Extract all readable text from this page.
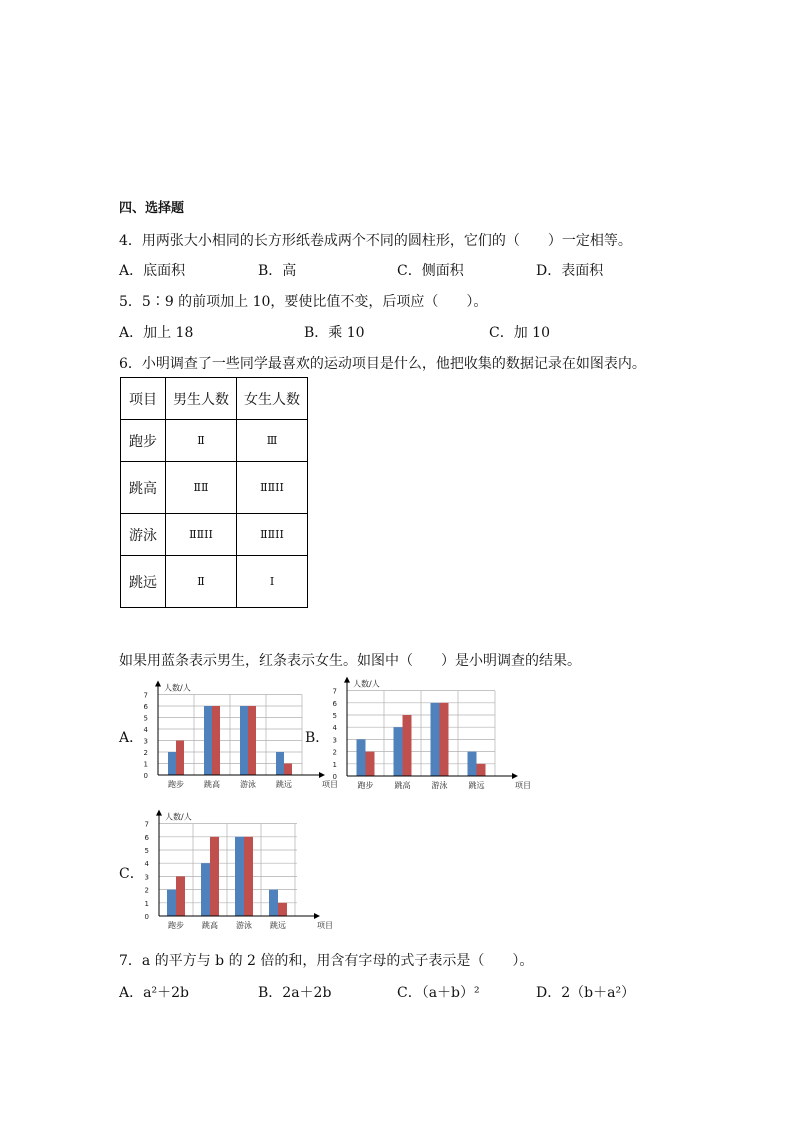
四、选择题
4．用两张大小相同的长方形纸卷成两个不同的圆柱形，它们的（　　）一定相等。
A．底面积	B．高	C．侧面积	D．表面积
5．5∶9 的前项加上 10，要使比值不变，后项应（　　）。
A．加上 18	B．乘 10	C．加 10
6．小明调查了一些同学最喜欢的运动项目是什么，他把收集的数据记录在如图表内。
项目	男生人数	女生人数
跑步	Ⅱ	Ⅲ
跳高	ⅡⅡ	ⅡⅡⅠⅠ
游泳	ⅡⅡⅠⅠ	ⅡⅡⅠⅠ
跳远	Ⅱ	Ⅰ
如果用蓝条表示男生，红条表示女生。如图中（　　）是小明调查的结果。
A．	B．
C．
0
1
2
3
4
5
6
7
跑步	跳高	游泳	跳远
人数/人
项目
0
1
2
3
4
5
6
7
跑步	跳高	游泳	跳远
人数/人
项目
0
1
2
3
4
5
6
7
跑步 跳高 游泳 跳远
人数/人
项目
7．a 的平方与 b 的 2 倍的和，用含有字母的式子表示是（　　）。
A．a²＋2b	B．2a＋2b	C．（a＋b）²	D．2（b＋a²）
